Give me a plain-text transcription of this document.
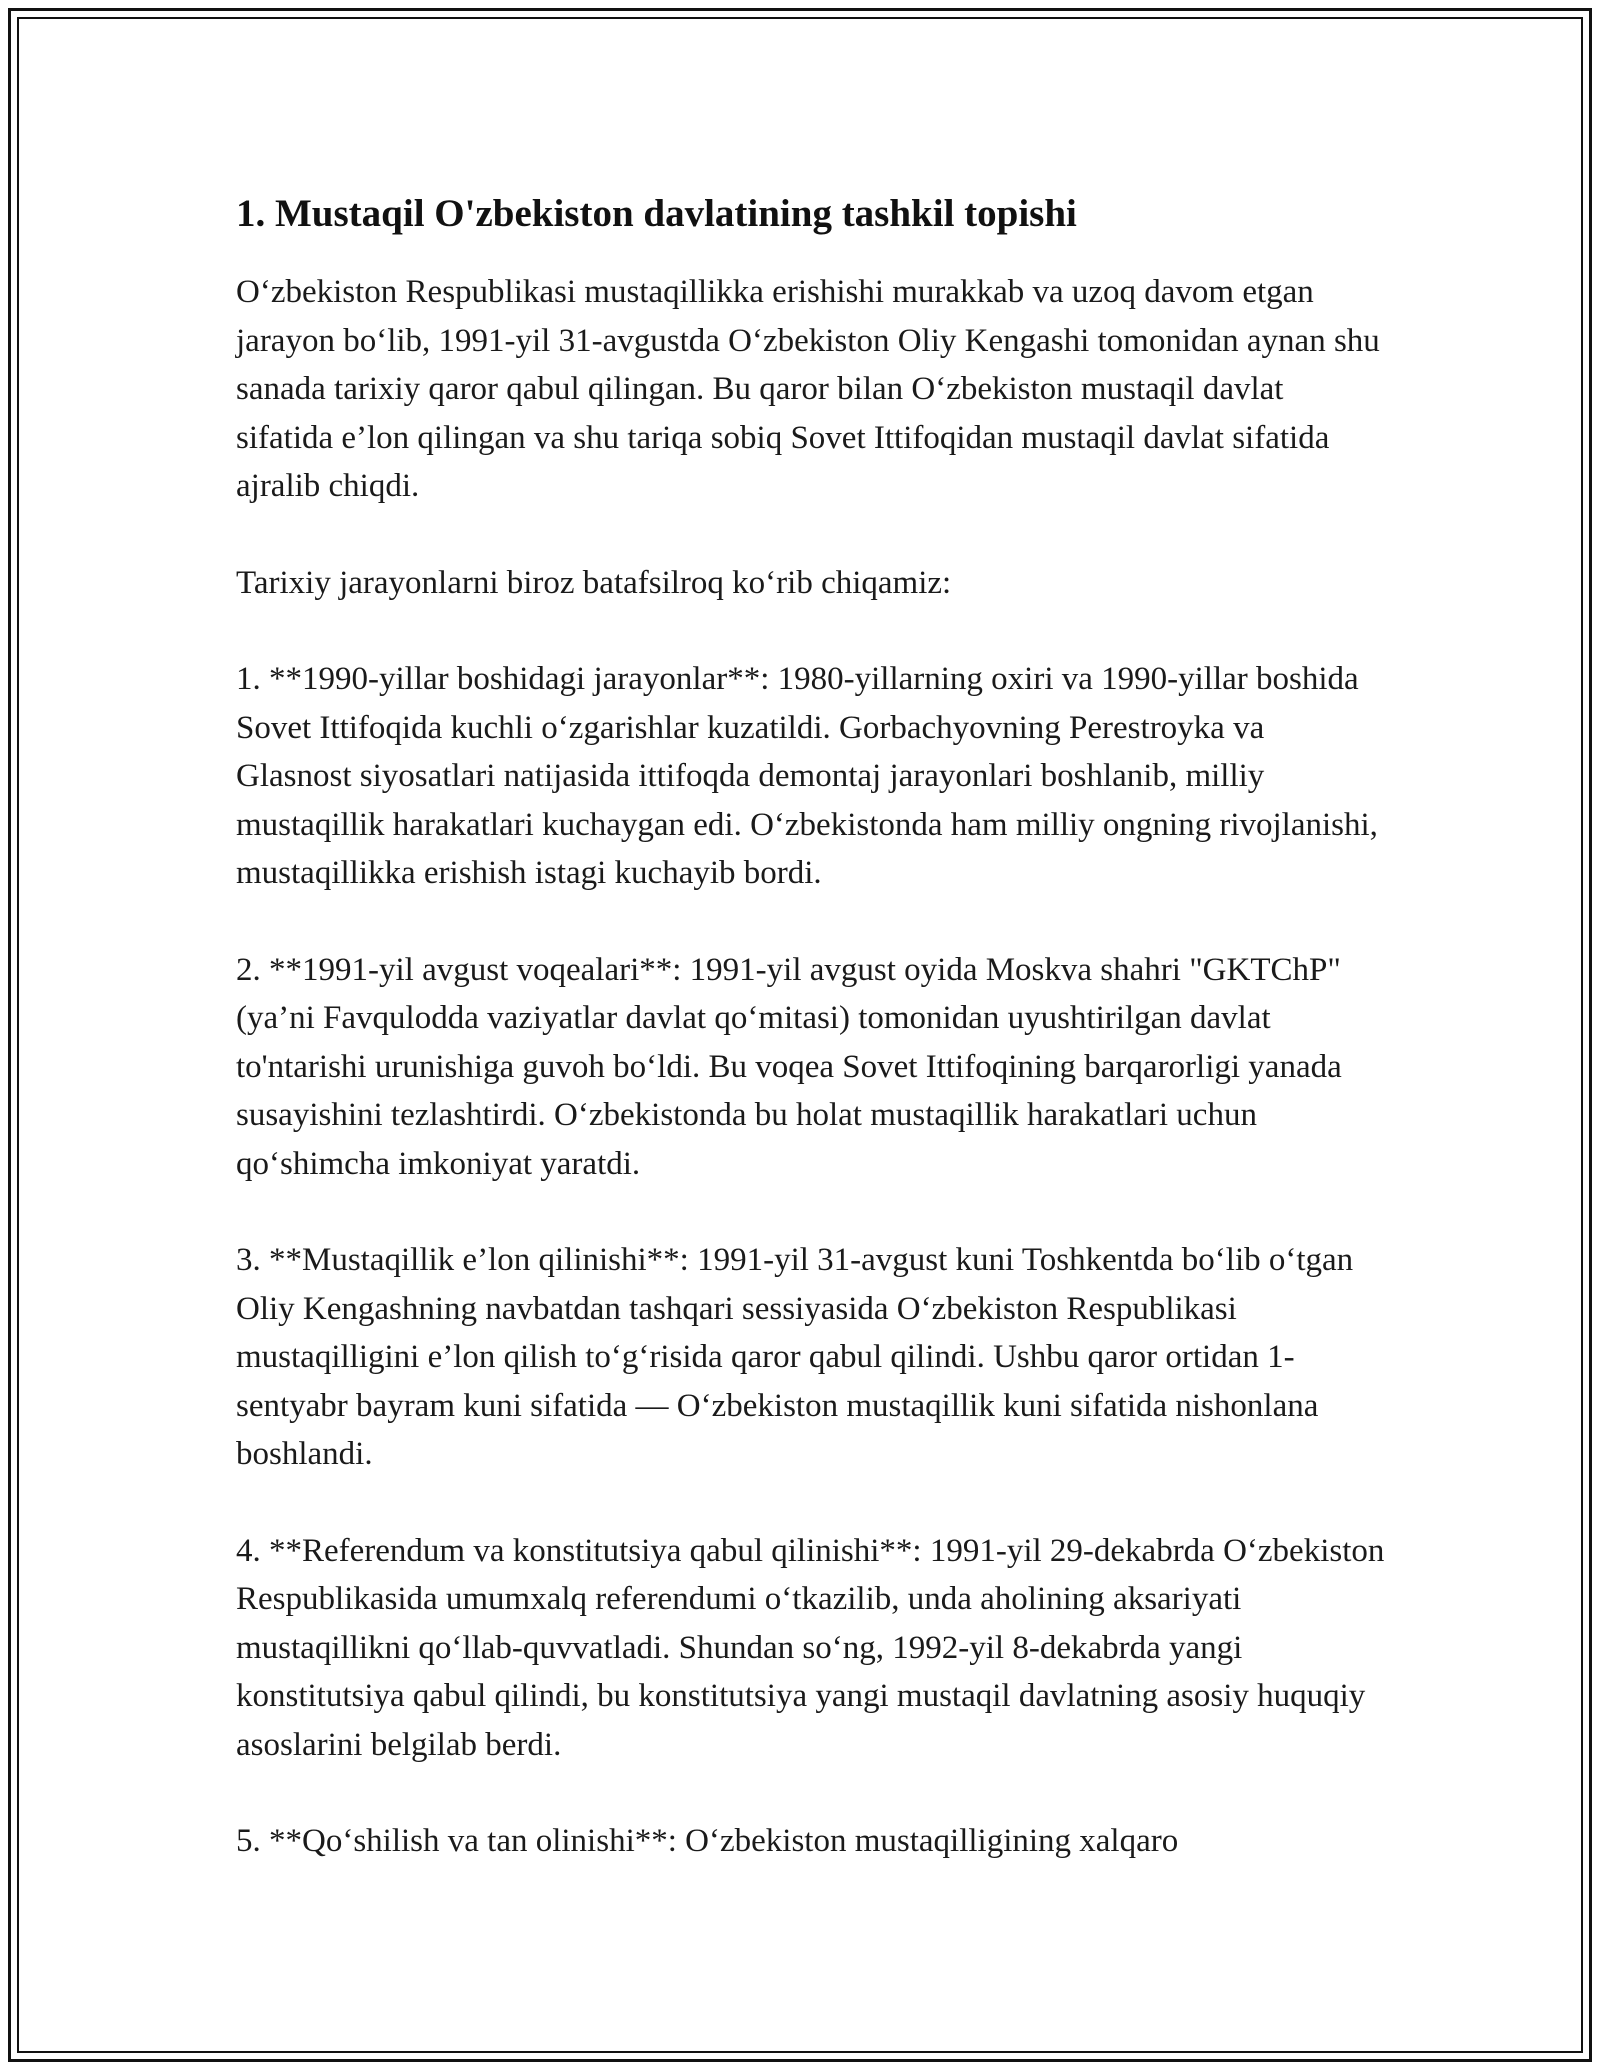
1. Mustaqil O'zbekiston davlatining tashkil topishi

O‘zbekiston Respublikasi mustaqillikka erishishi murakkab va uzoq davom etgan jarayon bo‘lib, 1991-yil 31-avgustda O‘zbekiston Oliy Kengashi tomonidan aynan shu sanada tarixiy qaror qabul qilingan. Bu qaror bilan O‘zbekiston mustaqil davlat sifatida e’lon qilingan va shu tariqa sobiq Sovet Ittifoqidan mustaqil davlat sifatida ajralib chiqdi.

Tarixiy jarayonlarni biroz batafsilroq ko‘rib chiqamiz:

1. **1990-yillar boshidagi jarayonlar**: 1980-yillarning oxiri va 1990-yillar boshida Sovet Ittifoqida kuchli o‘zgarishlar kuzatildi. Gorbachyovning Perestroyka va Glasnost siyosatlari natijasida ittifoqda demontaj jarayonlari boshlanib, milliy mustaqillik harakatlari kuchaygan edi. O‘zbekistonda ham milliy ongning rivojlanishi, mustaqillikka erishish istagi kuchayib bordi.

2. **1991-yil avgust voqealari**: 1991-yil avgust oyida Moskva shahri "GKTChP" (ya’ni Favqulodda vaziyatlar davlat qo‘mitasi) tomonidan uyushtirilgan davlat to'ntarishi urunishiga guvoh bo‘ldi. Bu voqea Sovet Ittifoqining barqarorligi yanada susayishini tezlashtirdi. O‘zbekistonda bu holat mustaqillik harakatlari uchun qo‘shimcha imkoniyat yaratdi.

3. **Mustaqillik e’lon qilinishi**: 1991-yil 31-avgust kuni Toshkentda bo‘lib o‘tgan Oliy Kengashning navbatdan tashqari sessiyasida O‘zbekiston Respublikasi mustaqilligini e’lon qilish to‘g‘risida qaror qabul qilindi. Ushbu qaror ortidan 1-sentyabr bayram kuni sifatida — O‘zbekiston mustaqillik kuni sifatida nishonlana boshlandi.

4. **Referendum va konstitutsiya qabul qilinishi**: 1991-yil 29-dekabrda O‘zbekiston Respublikasida umumxalq referendumi o‘tkazilib, unda aholining aksariyati mustaqillikni qo‘llab-quvvatladi. Shundan so‘ng, 1992-yil 8-dekabrda yangi konstitutsiya qabul qilindi, bu konstitutsiya yangi mustaqil davlatning asosiy huquqiy asoslarini belgilab berdi.

5. **Qo‘shilish va tan olinishi**: O‘zbekiston mustaqilligining xalqaro
